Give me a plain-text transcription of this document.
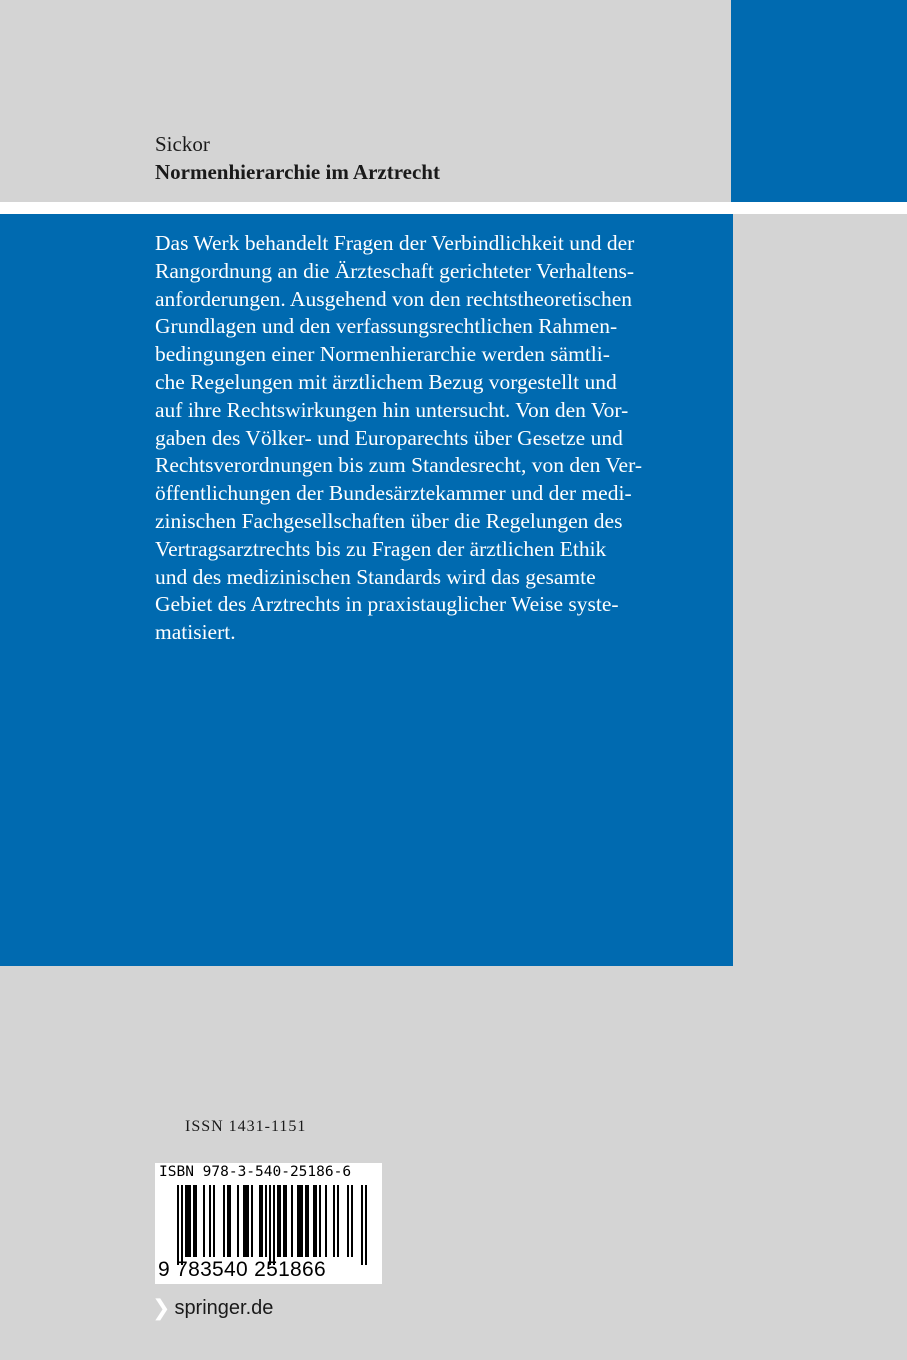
Sickor
Normenhierarchie im Arztrecht
Das Werk behandelt Fragen der Verbindlichkeit und der
Rangordnung an die Ärzteschaft gerichteter Verhaltens-
anforderungen. Ausgehend von den rechtstheoretischen
Grundlagen und den verfassungsrechtlichen Rahmen-
bedingungen einer Normenhierarchie werden sämtli-
che Regelungen mit ärztlichem Bezug vorgestellt und
auf ihre Rechtswirkungen hin untersucht. Von den Vor-
gaben des Völker- und Europarechts über Gesetze und
Rechtsverordnungen bis zum Standesrecht, von den Ver-
öffentlichungen der Bundesärztekammer und der medi-
zinischen Fachgesellschaften über die Regelungen des
Vertragsarztrechts bis zu Fragen der ärztlichen Ethik
und des medizinischen Standards wird das gesamte
Gebiet des Arztrechts in praxistauglicher Weise syste-
matisiert.
ISSN 1431-1151
ISBN 978-3-540-25186-6
9 783540 251866
❯ springer.de
